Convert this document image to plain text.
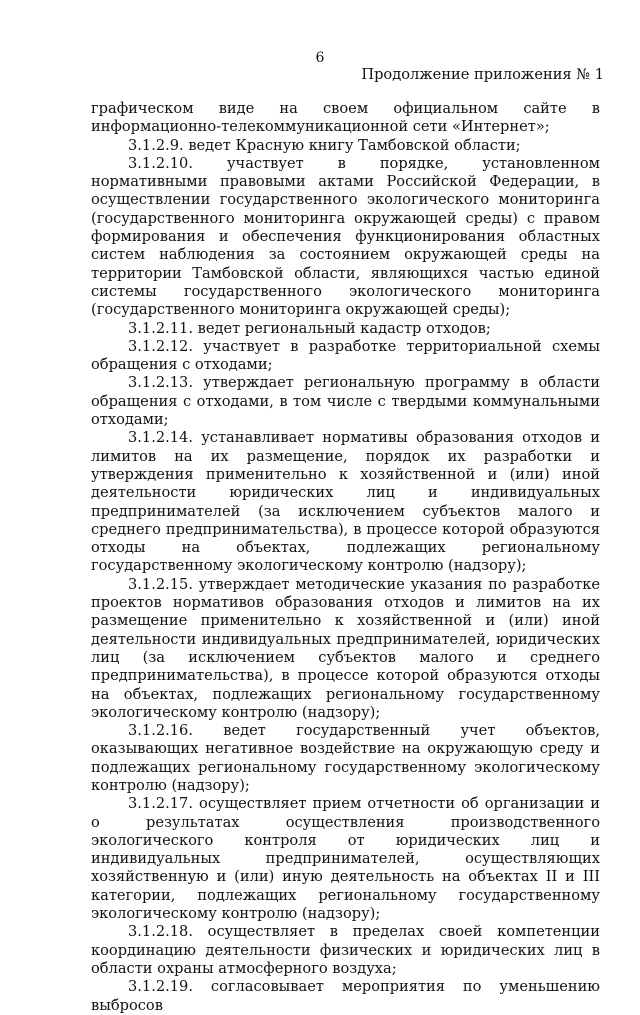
6
Продолжение приложения № 1

графическом виде на своем официальном сайте в информационно-телекоммуникационной сети «Интернет»;

3.1.2.9. ведет Красную книгу Тамбовской области;

3.1.2.10. участвует в порядке, установленном нормативными правовыми актами Российской Федерации, в осуществлении государственного экологического мониторинга (государственного мониторинга окружающей среды) с правом формирования и обеспечения функционирования областных систем наблюдения за состоянием окружающей среды на территории Тамбовской области, являющихся частью единой системы государственного экологического мониторинга (государственного мониторинга окружающей среды);

3.1.2.11. ведет региональный кадастр отходов;

3.1.2.12. участвует в разработке территориальной схемы обращения с отходами;

3.1.2.13. утверждает региональную программу в области обращения с отходами, в том числе с твердыми коммунальными отходами;

3.1.2.14. устанавливает нормативы образования отходов и лимитов на их размещение, порядок их разработки и утверждения применительно к хозяйственной и (или) иной деятельности юридических лиц и индивидуальных предпринимателей (за исключением субъектов малого и среднего предпринимательства), в процессе которой образуются отходы на объектах, подлежащих региональному государственному экологическому контролю (надзору);

3.1.2.15. утверждает методические указания по разработке проектов нормативов образования отходов и лимитов на их размещение применительно к хозяйственной и (или) иной деятельности индивидуальных предпринимателей, юридических лиц (за исключением субъектов малого и среднего предпринимательства), в процессе которой образуются отходы на объектах, подлежащих региональному государственному экологическому контролю (надзору);

3.1.2.16. ведет государственный учет объектов, оказывающих негативное воздействие на окружающую среду и подлежащих региональному государственному экологическому контролю (надзору);

3.1.2.17. осуществляет прием отчетности об организации и о результатах осуществления производственного экологического контроля от юридических лиц и индивидуальных предпринимателей, осуществляющих хозяйственную и (или) иную деятельность на объектах II и III категории, подлежащих региональному государственному экологическому контролю (надзору);

3.1.2.18. осуществляет в пределах своей компетенции координацию деятельности физических и юридических лиц в области охраны атмосферного воздуха;

3.1.2.19. согласовывает мероприятия по уменьшению выбросов
